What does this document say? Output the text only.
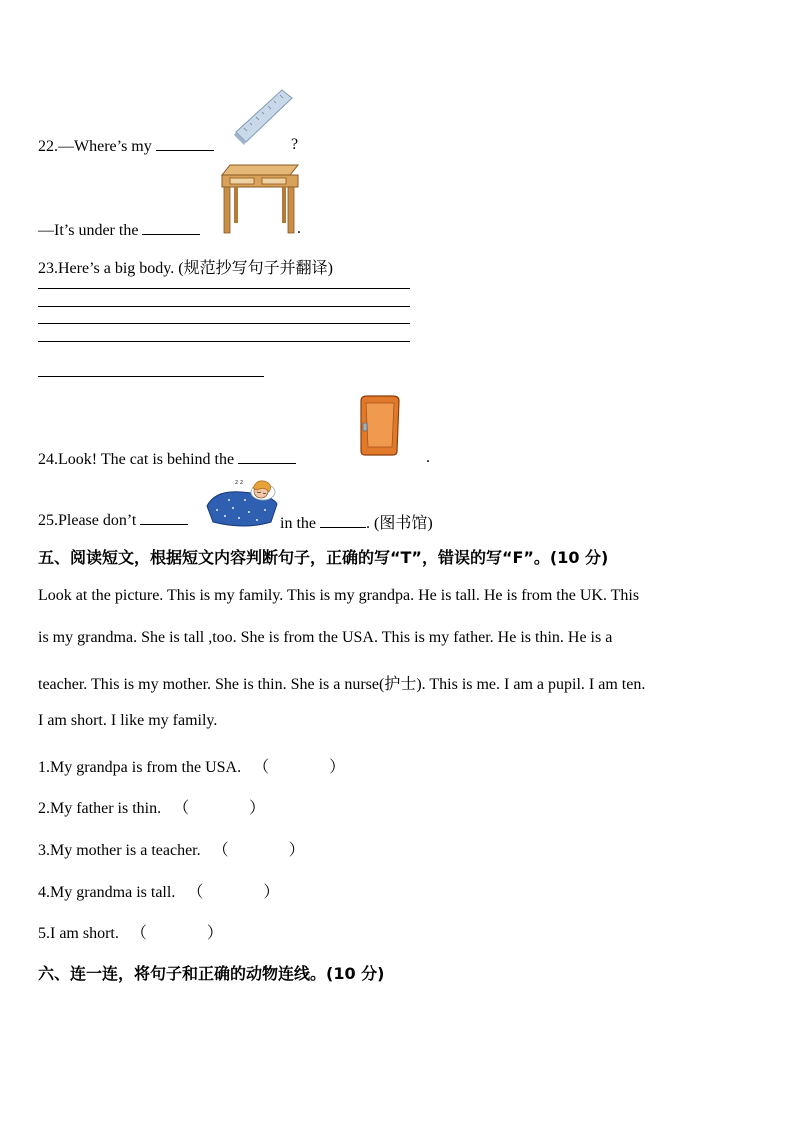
22.—Where’s my	?
—It’s under the	.
23.Here’s a big body. (规范抄写句子并翻译)
24.Look! The cat is behind the	.
25.Please don’t	in the	. (图书馆)
z z
五、阅读短文，根据短文内容判断句子，正确的写“T”，错误的写“F”。(10 分)
Look at the picture. This is my family. This is my grandpa. He is tall. He is from the UK. This
is my grandma. She is tall ,too. She is from the USA. This is my father. He is thin. He is a
teacher. This is my mother. She is thin. She is a nurse(护士). This is me. I am a pupil. I am ten.
I am short. I like my family.
1.My grandpa is from the USA. （	）
2.My father is thin. （	）
3.My mother is a teacher. （	）
4.My grandma is tall. （	）
5.I am short. （	）
六、连一连，将句子和正确的动物连线。(10 分)
